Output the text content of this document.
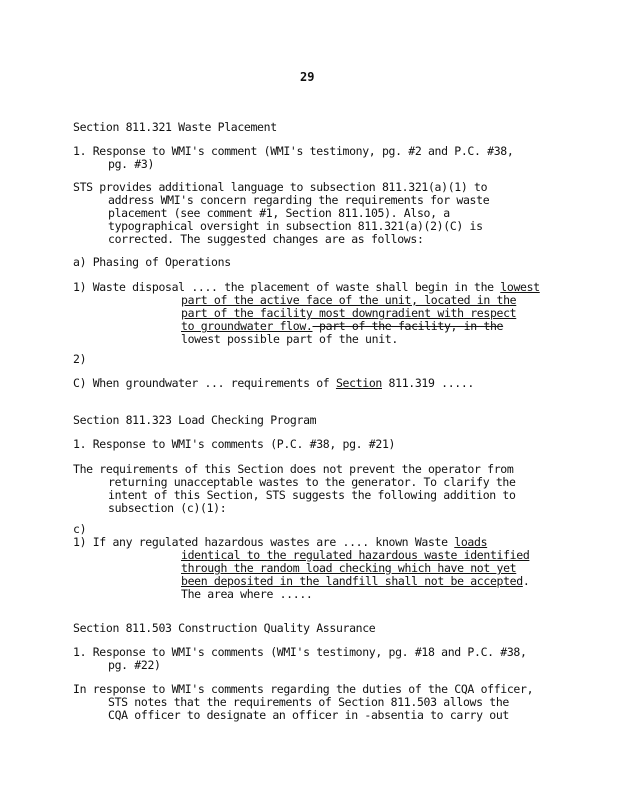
29
Section 811.321 Waste Placement
1. Response to WMI's comment (WMI's testimony, pg. #2 and P.C. #38,
pg. #3)
STS provides additional language to subsection 811.321(a)(1) to
address WMI's concern regarding the requirements for waste
placement (see comment #1, Section 811.105). Also, a
typographical oversight in subsection 811.321(a)(2)(C) is
corrected. The suggested changes are as follows:
a) Phasing of Operations
1) Waste disposal .... the placement of waste shall begin in the lowest
part of the active face of the unit, located in the
part of the facility most downgradient with respect
to groundwater flow. part of the facility, in the
lowest possible part of the unit.
2)
C) When groundwater ... requirements of Section 811.319 .....
Section 811.323 Load Checking Program
1. Response to WMI's comments (P.C. #38, pg. #21)
The requirements of this Section does not prevent the operator from
returning unacceptable wastes to the generator. To clarify the
intent of this Section, STS suggests the following addition to
subsection (c)(1):
c)
1) If any regulated hazardous wastes are .... known Waste loads
identical to the regulated hazardous waste identified
through the random load checking which have not yet
been deposited in the landfill shall not be accepted.
The area where .....
Section 811.503 Construction Quality Assurance
1. Response to WMI's comments (WMI's testimony, pg. #18 and P.C. #38,
pg. #22)
In response to WMI's comments regarding the duties of the CQA officer,
STS notes that the requirements of Section 811.503 allows the
CQA officer to designate an officer in -absentia to carry out
